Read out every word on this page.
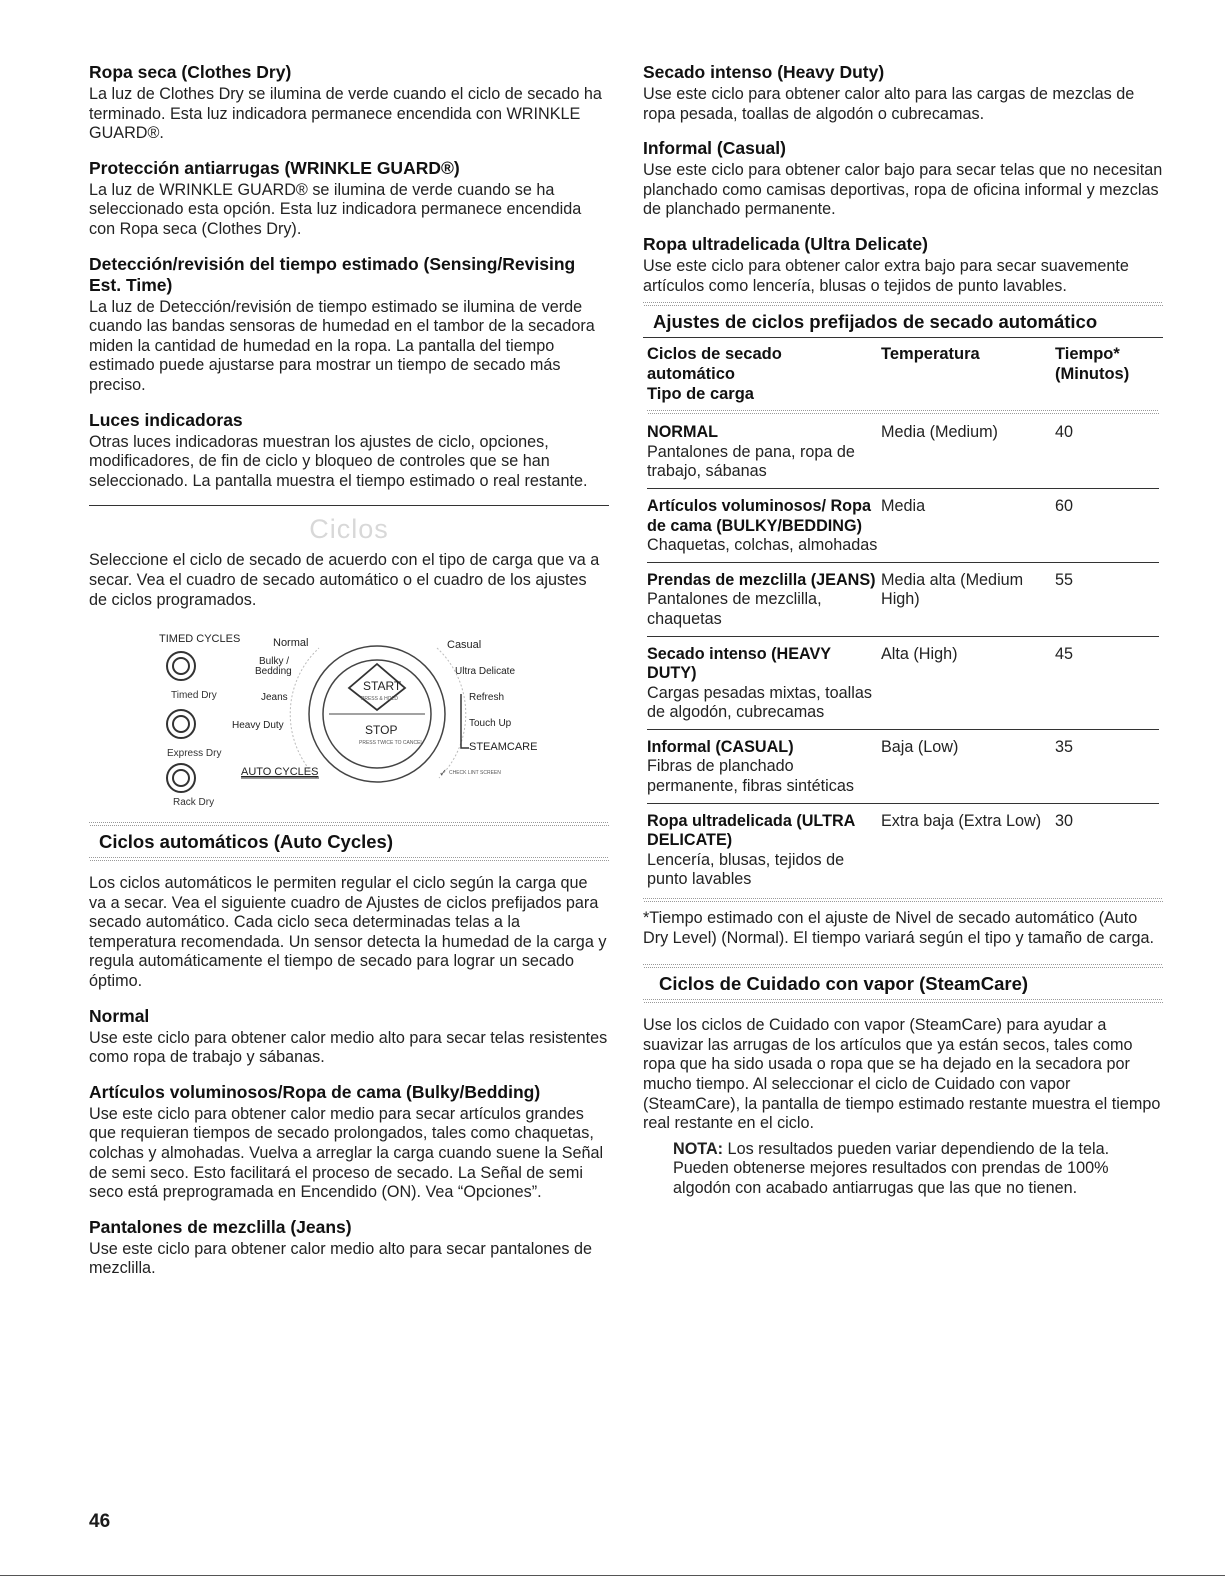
Ropa seca (Clothes Dry)

La luz de Clothes Dry se ilumina de verde cuando el ciclo de secado ha terminado. Esta luz indicadora permanece encendida con WRINKLE GUARD®.

Protección antiarrugas (WRINKLE GUARD®)

La luz de WRINKLE GUARD® se ilumina de verde cuando se ha seleccionado esta opción. Esta luz indicadora permanece encendida con Ropa seca (Clothes Dry).

Detección/revisión del tiempo estimado (Sensing/Revising Est. Time)

La luz de Detección/revisión de tiempo estimado se ilumina de verde cuando las bandas sensoras de humedad en el tambor de la secadora miden la cantidad de humedad en la ropa. La pantalla del tiempo estimado puede ajustarse para mostrar un tiempo de secado más preciso.

Luces indicadoras

Otras luces indicadoras muestran los ajustes de ciclo, opciones, modificadores, de fin de ciclo y bloqueo de controles que se han seleccionado. La pantalla muestra el tiempo estimado o real restante.

Ciclos

Seleccione el ciclo de secado de acuerdo con el tipo de carga que va a secar. Vea el cuadro de secado automático o el cuadro de los ajustes de ciclos programados.

TIMED CYCLES
Timed Dry
Express Dry
Rack Dry
Normal
Bulky /
Bedding
Jeans
Heavy Duty
AUTO CYCLES
Casual
Ultra Delicate
Refresh
Touch Up
STEAMCARE
START
PRESS & HOLD
STOP
PRESS TWICE TO CANCEL
✓ CHECK LINT SCREEN
Ciclos automáticos (Auto Cycles)

Los ciclos automáticos le permiten regular el ciclo según la carga que va a secar. Vea el siguiente cuadro de Ajustes de ciclos prefijados para secado automático. Cada ciclo seca determinadas telas a la temperatura recomendada. Un sensor detecta la humedad de la carga y regula automáticamente el tiempo de secado para lograr un secado óptimo.

Normal

Use este ciclo para obtener calor medio alto para secar telas resistentes como ropa de trabajo y sábanas.

Artículos voluminosos/Ropa de cama (Bulky/Bedding)

Use este ciclo para obtener calor medio para secar artículos grandes que requieran tiempos de secado prolongados, tales como chaquetas, colchas y almohadas. Vuelva a arreglar la carga cuando suene la Señal de semi seco. Esto facilitará el proceso de secado. La Señal de semi seco está preprogramada en Encendido (ON). Vea “Opciones”.

Pantalones de mezclilla (Jeans)

Use este ciclo para obtener calor medio alto para secar pantalones de mezclilla.

Secado intenso (Heavy Duty)

Use este ciclo para obtener calor alto para las cargas de mezclas de ropa pesada, toallas de algodón o cubrecamas.

Informal (Casual)

Use este ciclo para obtener calor bajo para secar telas que no necesitan planchado como camisas deportivas, ropa de oficina informal y mezclas de planchado permanente.

Ropa ultradelicada (Ultra Delicate)

Use este ciclo para obtener calor extra bajo para secar suavemente artículos como lencería, blusas o tejidos de punto lavables.

Ajustes de ciclos prefijados de secado automático
Ciclos de secado
automático
Tipo de carga	Temperatura	Tiempo*
(Minutos)

NORMAL
Pantalones de pana, ropa de trabajo, sábanas	Media (Medium)	40

Artículos voluminosos/ Ropa de cama (BULKY/BEDDING)
Chaquetas, colchas, almohadas	Media	60

Prendas de mezclilla (JEANS)
Pantalones de mezclilla, chaquetas	Media alta (Medium High)	55

Secado intenso (HEAVY DUTY)
Cargas pesadas mixtas, toallas de algodón, cubrecamas	Alta (High)	45

Informal (CASUAL)
Fibras de planchado permanente, fibras sintéticas	Baja (Low)	35

Ropa ultradelicada (ULTRA DELICATE)
Lencería, blusas, tejidos de punto lavables	Extra baja (Extra Low)	30

*Tiempo estimado con el ajuste de Nivel de secado automático (Auto Dry Level) (Normal). El tiempo variará según el tipo y tamaño de carga.

Ciclos de Cuidado con vapor (SteamCare)

Use los ciclos de Cuidado con vapor (SteamCare) para ayudar a suavizar las arrugas de los artículos que ya están secos, tales como ropa que ha sido usada o ropa que se ha dejado en la secadora por mucho tiempo. Al seleccionar el ciclo de Cuidado con vapor (SteamCare), la pantalla de tiempo estimado restante muestra el tiempo real restante en el ciclo.

NOTA: Los resultados pueden variar dependiendo de la tela. Pueden obtenerse mejores resultados con prendas de 100% algodón con acabado antiarrugas que las que no tienen.

46
